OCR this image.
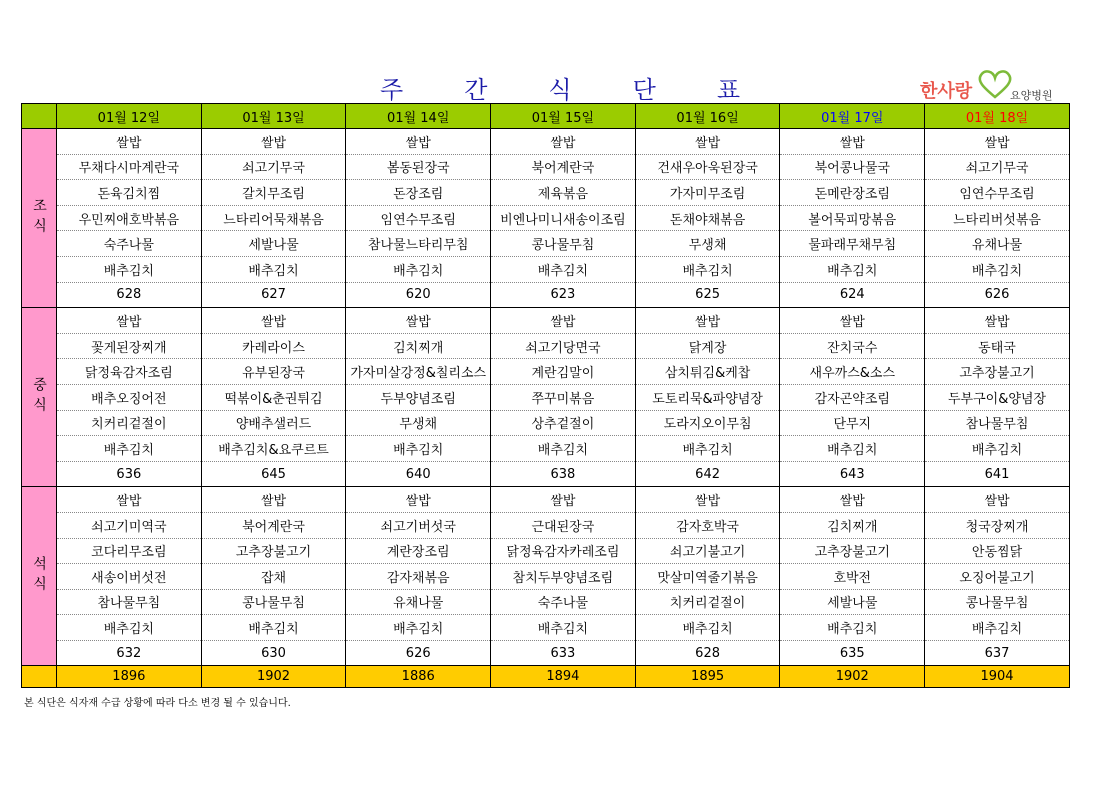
주	간	식	단	표	한사랑	요양병원
	01월 12일	01월 13일	01월 14일	01월 15일	01월 16일	01월 17일	01월 18일

조식	쌀밥	쌀밥	쌀밥	쌀밥	쌀밥	쌀밥	쌀밥
	무채다시마계란국	쇠고기무국	봄동된장국	북어계란국	건새우아욱된장국	북어콩나물국	쇠고기무국
	돈육김치찜	갈치무조림	돈장조림	제육볶음	가자미무조림	돈메란장조림	임연수무조림
	우민찌애호박볶음	느타리어묵채볶음	임연수무조림	비엔나미니새송이조림	돈채야채볶음	볼어묵피망볶음	느타리버섯볶음
	숙주나물	세발나물	참나물느타리무침	콩나물무침	무생채	물파래무채무침	유채나물
	배추김치	배추김치	배추김치	배추김치	배추김치	배추김치	배추김치
	628	627	620	623	625	624	626

중식	쌀밥	쌀밥	쌀밥	쌀밥	쌀밥	쌀밥	쌀밥
	꽃게된장찌개	카레라이스	김치찌개	쇠고기당면국	닭계장	잔치국수	동태국
	닭정육감자조림	유부된장국	가자미살강정&칠리소스	계란김말이	삼치튀김&케찹	새우까스&소스	고추장불고기
	배추오징어전	떡볶이&춘권튀김	두부양념조림	쭈꾸미볶음	도토리묵&파양념장	감자곤약조림	두부구이&양념장
	치커리겉절이	양배추샐러드	무생채	상추겉절이	도라지오이무침	단무지	참나물무침
	배추김치	배추김치&요쿠르트	배추김치	배추김치	배추김치	배추김치	배추김치
	636	645	640	638	642	643	641

석식	쌀밥	쌀밥	쌀밥	쌀밥	쌀밥	쌀밥	쌀밥
	쇠고기미역국	북어계란국	쇠고기버섯국	근대된장국	감자호박국	김치찌개	청국장찌개
	코다리무조림	고추장불고기	계란장조림	닭정육감자카레조림	쇠고기불고기	고추장불고기	안동찜닭
	새송이버섯전	잡채	감자채볶음	참치두부양념조림	맛살미역줄기볶음	호박전	오징어불고기
	참나물무침	콩나물무침	유채나물	숙주나물	치커리겉절이	세발나물	콩나물무침
	배추김치	배추김치	배추김치	배추김치	배추김치	배추김치	배추김치
	632	630	626	633	628	635	637
	1896	1902	1886	1894	1895	1902	1904
본 식단은 식자재 수급 상황에 따라 다소 변경 될 수 있습니다.
